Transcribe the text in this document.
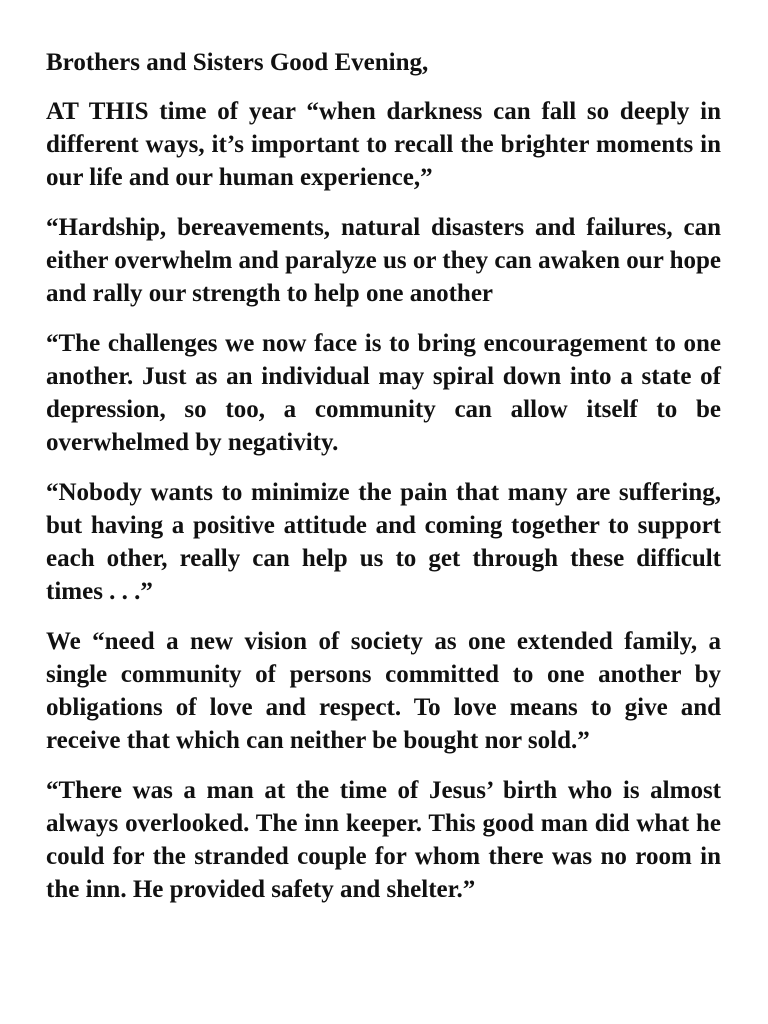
Brothers and Sisters Good Evening,

AT THIS time of year “when darkness can fall so deeply in different ways, it’s important to recall the brighter moments in our life and our human experience,”

“Hardship, bereavements, natural disasters and failures, can either overwhelm and paralyze us or they can awaken our hope and rally our strength to help one another

“The challenges we now face is to bring encouragement to one another. Just as an individual may spiral down into a state of depression, so too, a community can allow itself to be overwhelmed by negativity.

“Nobody wants to minimize the pain that many are suffering, but having a positive attitude and coming together to support each other, really can help us to get through these difficult times . . .”

We “need a new vision of society as one extended family, a single community of persons committed to one another by obligations of love and respect. To love means to give and receive that which can neither be bought nor sold.”

“There was a man at the time of Jesus’ birth who is almost always overlooked. The inn keeper. This good man did what he could for the stranded couple for whom there was no room in the inn. He provided safety and shelter.”
